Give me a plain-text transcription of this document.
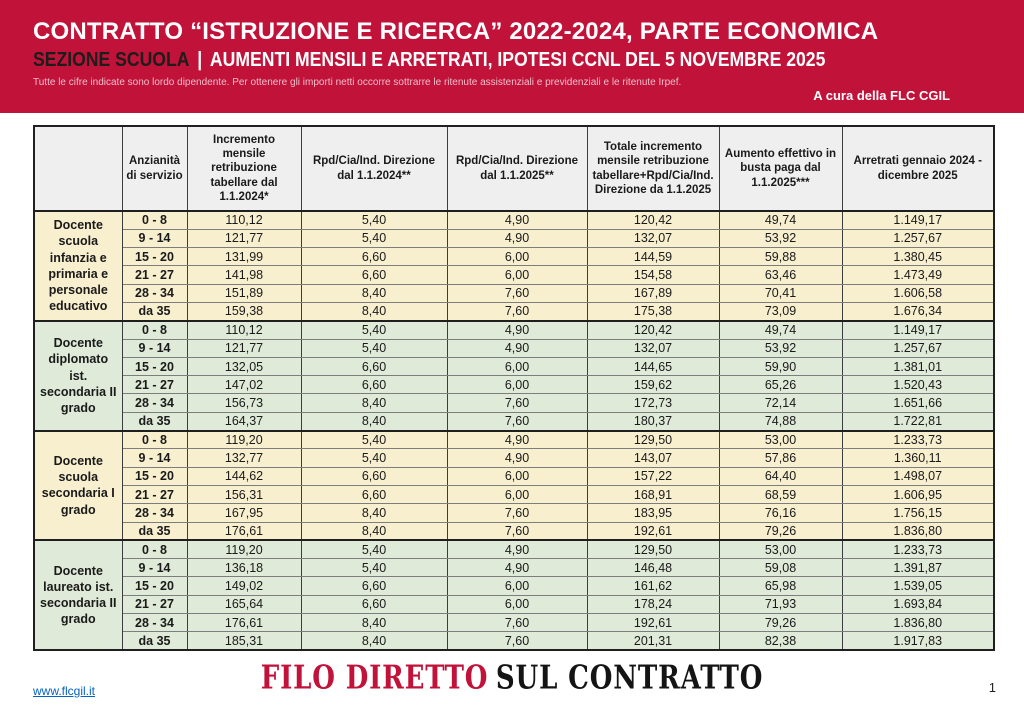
CONTRATTO “ISTRUZIONE E RICERCA” 2022-2024, PARTE ECONOMICA
SEZIONE SCUOLA | AUMENTI MENSILI E ARRETRATI, IPOTESI CCNL DEL 5 NOVEMBRE 2025
Tutte le cifre indicate sono lordo dipendente. Per ottenere gli importi netti occorre sottrarre le ritenute assistenziali e previdenziali e le ritenute Irpef.
A cura della FLC CGIL
	Anzianità di servizio	Incremento mensile retribuzione tabellare dal 1.1.2024*	Rpd/Cia/Ind. Direzione dal 1.1.2024**	Rpd/Cia/Ind. Direzione dal 1.1.2025**	Totale incremento mensile retribuzione tabellare+Rpd/Cia/Ind. Direzione da 1.1.2025	Aumento effettivo in busta paga dal 1.1.2025***	Arretrati gennaio 2024 - dicembre 2025
Docente scuola infanzia e primaria e personale educativo	0 - 8	110,12	5,40	4,90	120,42	49,74	1.149,17
	9 - 14	121,77	5,40	4,90	132,07	53,92	1.257,67
	15 - 20	131,99	6,60	6,00	144,59	59,88	1.380,45
	21 - 27	141,98	6,60	6,00	154,58	63,46	1.473,49
	28 - 34	151,89	8,40	7,60	167,89	70,41	1.606,58
	da 35	159,38	8,40	7,60	175,38	73,09	1.676,34
Docente diplomato ist. secondaria II grado	0 - 8	110,12	5,40	4,90	120,42	49,74	1.149,17
	9 - 14	121,77	5,40	4,90	132,07	53,92	1.257,67
	15 - 20	132,05	6,60	6,00	144,65	59,90	1.381,01
	21 - 27	147,02	6,60	6,00	159,62	65,26	1.520,43
	28 - 34	156,73	8,40	7,60	172,73	72,14	1.651,66
	da 35	164,37	8,40	7,60	180,37	74,88	1.722,81
Docente scuola secondaria I grado	0 - 8	119,20	5,40	4,90	129,50	53,00	1.233,73
	9 - 14	132,77	5,40	4,90	143,07	57,86	1.360,11
	15 - 20	144,62	6,60	6,00	157,22	64,40	1.498,07
	21 - 27	156,31	6,60	6,00	168,91	68,59	1.606,95
	28 - 34	167,95	8,40	7,60	183,95	76,16	1.756,15
	da 35	176,61	8,40	7,60	192,61	79,26	1.836,80
Docente laureato ist. secondaria II grado	0 - 8	119,20	5,40	4,90	129,50	53,00	1.233,73
	9 - 14	136,18	5,40	4,90	146,48	59,08	1.391,87
	15 - 20	149,02	6,60	6,00	161,62	65,98	1.539,05
	21 - 27	165,64	6,60	6,00	178,24	71,93	1.693,84
	28 - 34	176,61	8,40	7,60	192,61	79,26	1.836,80
	da 35	185,31	8,40	7,60	201,31	82,38	1.917,83
www.flcgil.it	FILO DIRETTO SUL CONTRATTO	1
